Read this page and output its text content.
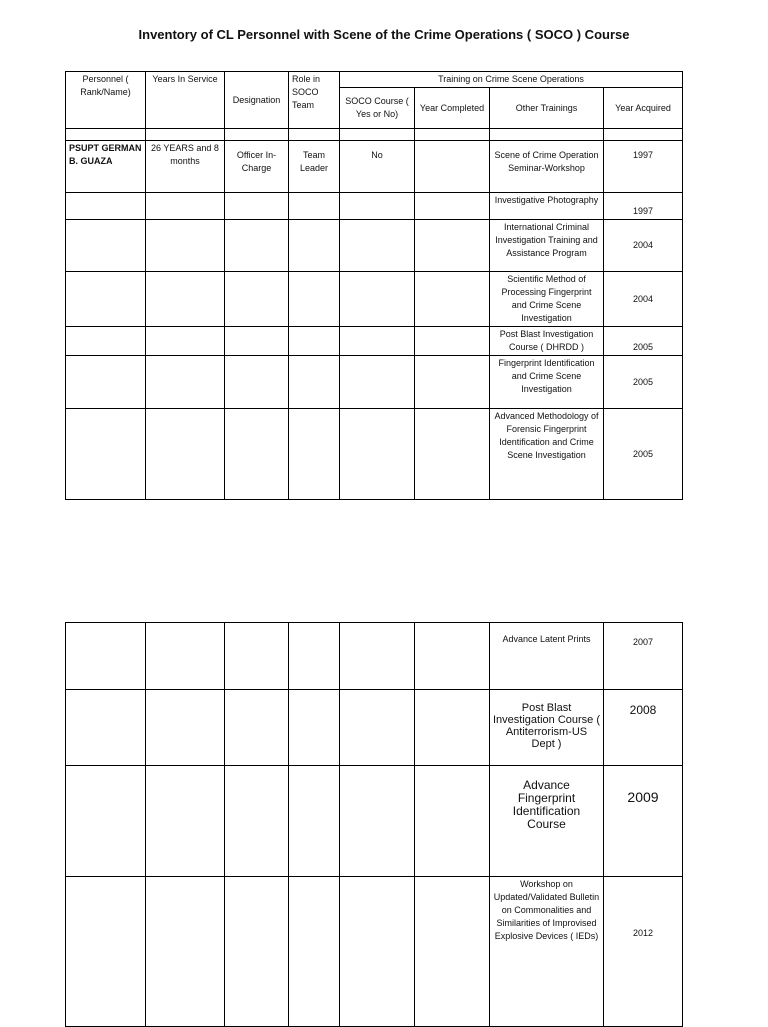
Inventory of CL Personnel with Scene of the Crime Operations ( SOCO ) Course
Personnel ( Rank/Name)	Years In Service	Designation	Role in SOCO Team	Training on Crime Scene Operations			
				SOCO Course ( Yes or No)	Year Completed	Other Trainings	Year Acquired

PSUPT GERMAN B. GUAZA	26 YEARS and 8 months	Officer In-Charge	Team Leader	No		Scene of Crime Operation Seminar-Workshop	1997
						Investigative Photography	1997
						International Criminal Investigation Training and Assistance Program	2004
						Scientific Method of Processing Fingerprint and Crime Scene Investigation	2004
						Post Blast Investigation Course ( DHRDD )	2005
						Fingerprint Identification and Crime Scene Investigation	2005
						Advanced Methodology of Forensic Fingerprint Identification and Crime Scene Investigation	2005
						Advance Latent Prints	2007
						Post Blast Investigation Course ( Antiterrorism-US Dept )	2008
						Advance Fingerprint Identification Course	2009
						Workshop on Updated/Validated Bulletin on Commonalities and Similarities of Improvised Explosive Devices ( IEDs)	2012
